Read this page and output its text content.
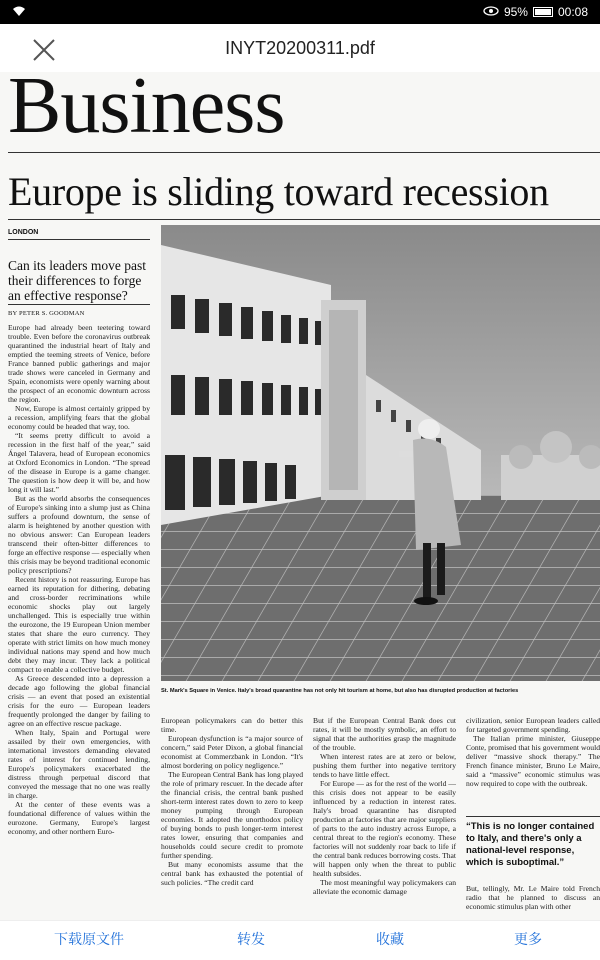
95%	00:08
INYT20200311.pdf
Business
Europe is sliding toward recession
LONDON
Can its leaders move past their differences to forge an effective response?
BY PETER S. GOODMAN

Europe had already been teetering toward trouble. Even before the coronavirus outbreak quarantined the industrial heart of Italy and emptied the teeming streets of Venice, before France banned public gatherings and major trade shows were canceled in Germany and Spain, economists were openly warning about the prospect of an economic downturn across the region.

Now, Europe is almost certainly gripped by a recession, amplifying fears that the global economy could be headed that way, too.

“It seems pretty difficult to avoid a recession in the first half of the year,” said Ángel Talavera, head of European economics at Oxford Economics in London. “The spread of the disease in Europe is a game changer. The question is how deep it will be, and how long it will last.”

But as the world absorbs the consequences of Europe's sinking into a slump just as China suffers a profound downturn, the sense of alarm is heightened by another question with no obvious answer: Can European leaders transcend their often-bitter differences to forge an effective response — especially when this crisis may be beyond traditional economic policy prescriptions?

Recent history is not reassuring. Europe has earned its reputation for dithering, debating and cross-border recriminations while economic shocks play out largely unchallenged. This is especially true within the eurozone, the 19 European Union member states that share the euro currency. They operate with strict limits on how much money individual nations may spend and how much debt they may incur. They lack a political compact to enable a collective budget.

As Greece descended into a depression a decade ago following the global financial crisis — an event that posed an existential crisis for the euro — European leaders frequently prolonged the danger by failing to agree on an effective rescue package.

When Italy, Spain and Portugal were assailed by their own emergencies, with international investors demanding elevated rates of interest for continued lending, Europe's policymakers exacerbated the distress through perpetual discord that conveyed the message that no one was really in charge.

At the center of these events was a foundational difference of values within the eurozone. Germany, Europe's largest economy, and other northern Euro-

St. Mark's Square in Venice. Italy's broad quarantine has not only hit tourism at home, but also has disrupted production at factories

European policymakers can do better this time.

European dysfunction is “a major source of concern,” said Peter Dixon, a global financial economist at Commerzbank in London. “It's almost bordering on policy negligence.”

The European Central Bank has long played the role of primary rescuer. In the decade after the financial crisis, the central bank pushed short-term interest rates down to zero to keep money pumping through European economies. It adopted the unorthodox policy of buying bonds to push longer-term interest rates lower, ensuring that companies and households could secure credit to promote further spending.

But many economists assume that the central bank has exhausted the potential of such policies. “The credit card

But if the European Central Bank does cut rates, it will be mostly symbolic, an effort to signal that the authorities grasp the magnitude of the trouble.

When interest rates are at zero or below, pushing them further into negative territory tends to have little effect.

For Europe — as for the rest of the world — this crisis does not appear to be easily influenced by a reduction in interest rates. Italy's broad quarantine has disrupted production at factories that are major suppliers of parts to the auto industry across Europe, a central threat to the region's economy. These factories will not suddenly roar back to life if the central bank reduces borrowing costs. That will happen only when the threat to public health subsides.

The most meaningful way policymakers can alleviate the economic damage

civilization, senior European leaders called for targeted government spending.

The Italian prime minister, Giuseppe Conte, promised that his government would deliver “massive shock therapy.” The French finance minister, Bruno Le Maire, said a “massive” economic stimulus was now required to cope with the outbreak.

“This is no longer contained to Italy, and there's only a national-level response, which is suboptimal.”

But, tellingly, Mr. Le Maire told French radio that he planned to discuss an economic stimulus plan with other

下载原文件	转发	收藏	更多
